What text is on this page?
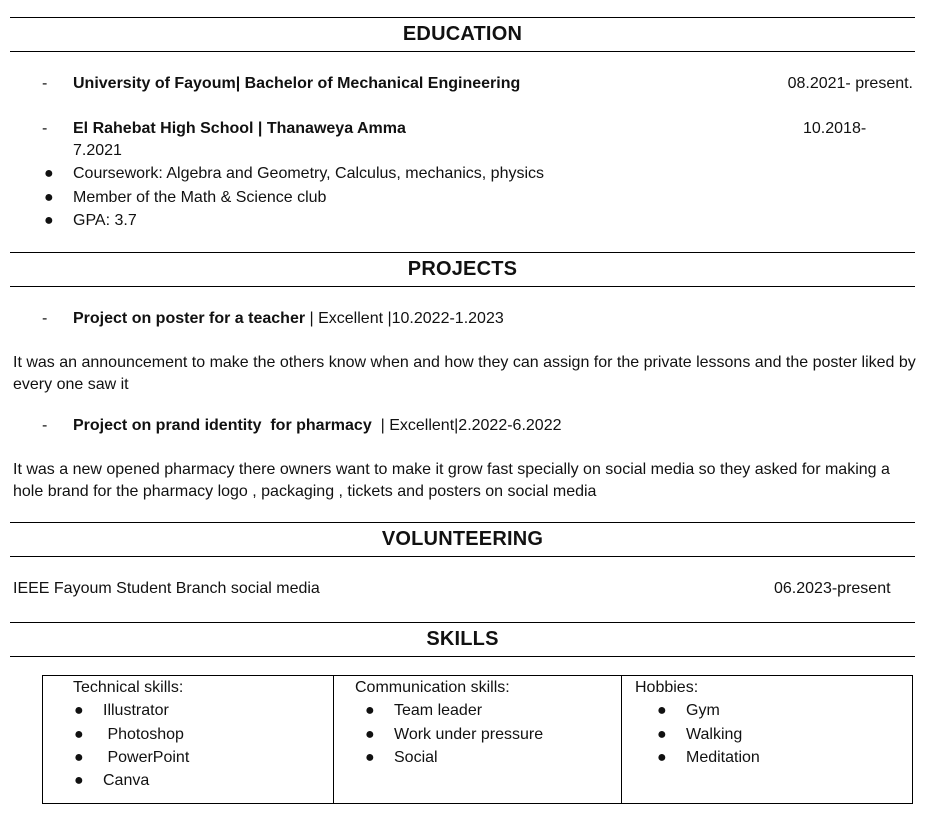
EDUCATION
- University of Fayoum| Bachelor of Mechanical Engineering	08.2021- present.
- El Rahebat High School | Thanaweya Amma	10.2018-
7.2021
● Coursework: Algebra and Geometry, Calculus, mechanics, physics
● Member of the Math & Science club
● GPA: 3.7
PROJECTS
- Project on poster for a teacher | Excellent |10.2022-1.2023
It was an announcement to make the others know when and how they can assign for the private lessons and the poster liked by every one saw it
- Project on prand identity  for pharmacy  | Excellent|2.2022-6.2022
It was a new opened pharmacy there owners want to make it grow fast specially on social media so they asked for making a hole brand for the pharmacy logo , packaging , tickets and posters on social media
VOLUNTEERING
IEEE Fayoum Student Branch social media	06.2023-present
SKILLS
Technical skills:
● Illustrator
● Photoshop
● PowerPoint
● Canva
Communication skills:
● Team leader
● Work under pressure
● Social
Hobbies:
● Gym
● Walking
● Meditation
